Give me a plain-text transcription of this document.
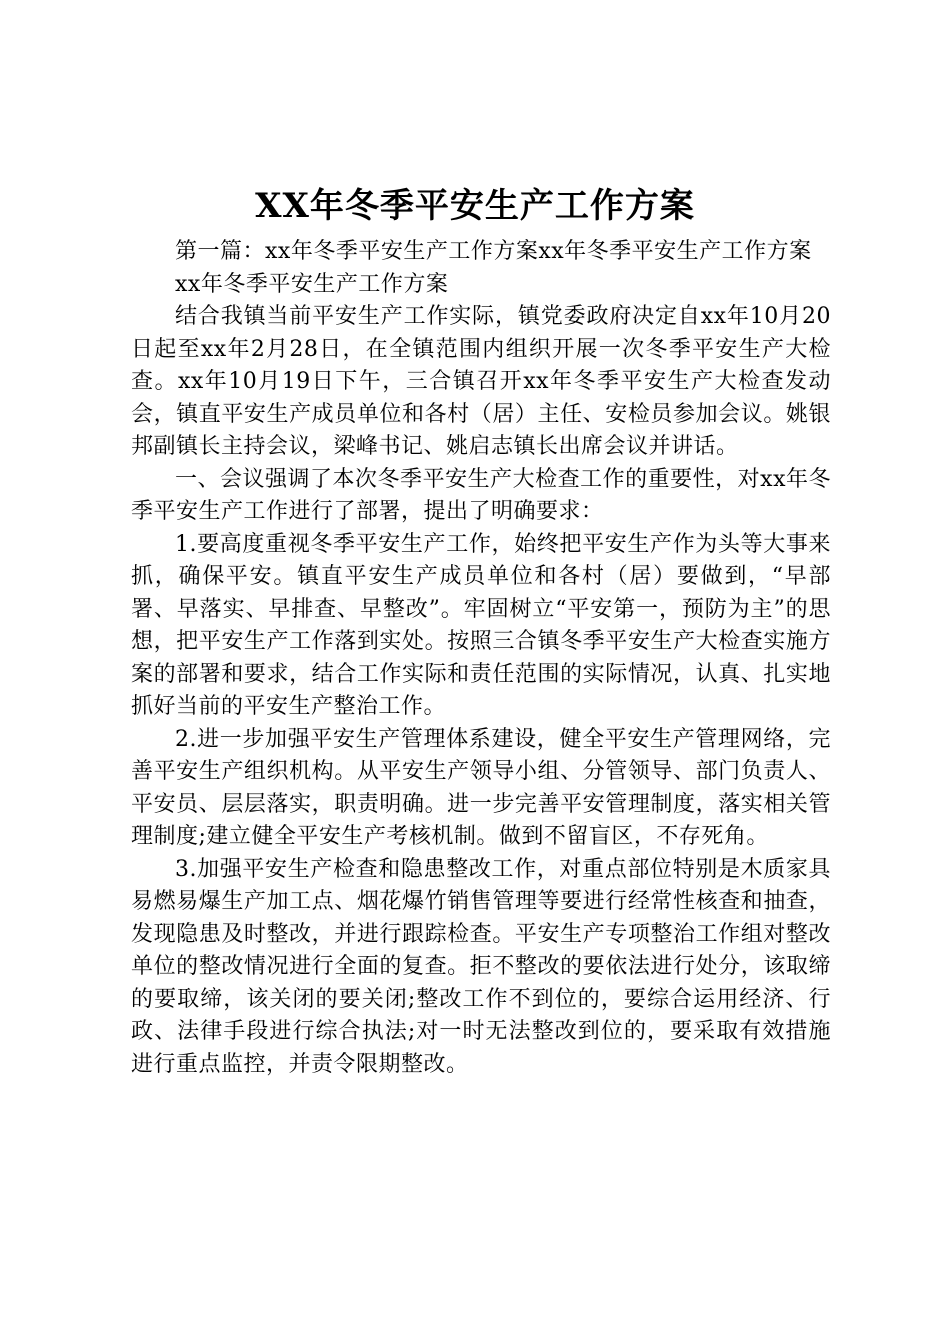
XX年冬季平安生产工作方案

第一篇：xx年冬季平安生产工作方案xx年冬季平安生产工作方案

xx年冬季平安生产工作方案

结合我镇当前平安生产工作实际，镇党委政府决定自xx年10月20日起至xx年2月28日，在全镇范围内组织开展一次冬季平安生产大检查。xx年10月19日下午，三合镇召开xx年冬季平安生产大检查发动会，镇直平安生产成员单位和各村（居）主任、安检员参加会议。姚银邦副镇长主持会议，梁峰书记、姚启志镇长出席会议并讲话。

一、会议强调了本次冬季平安生产大检查工作的重要性，对xx年冬季平安生产工作进行了部署，提出了明确要求：

1.要高度重视冬季平安生产工作，始终把平安生产作为头等大事来抓，确保平安。镇直平安生产成员单位和各村（居）要做到，“早部署、早落实、早排查、早整改”。牢固树立“平安第一，预防为主”的思想，把平安生产工作落到实处。按照三合镇冬季平安生产大检查实施方案的部署和要求，结合工作实际和责任范围的实际情况，认真、扎实地抓好当前的平安生产整治工作。

2.进一步加强平安生产管理体系建设，健全平安生产管理网络，完善平安生产组织机构。从平安生产领导小组、分管领导、部门负责人、平安员、层层落实，职责明确。进一步完善平安管理制度，落实相关管理制度;建立健全平安生产考核机制。做到不留盲区，不存死角。

3.加强平安生产检查和隐患整改工作，对重点部位特别是木质家具易燃易爆生产加工点、烟花爆竹销售管理等要进行经常性核查和抽查，发现隐患及时整改，并进行跟踪检查。平安生产专项整治工作组对整改单位的整改情况进行全面的复查。拒不整改的要依法进行处分，该取缔的要取缔，该关闭的要关闭;整改工作不到位的，要综合运用经济、行政、法律手段进行综合执法;对一时无法整改到位的，要采取有效措施进行重点监控，并责令限期整改。
